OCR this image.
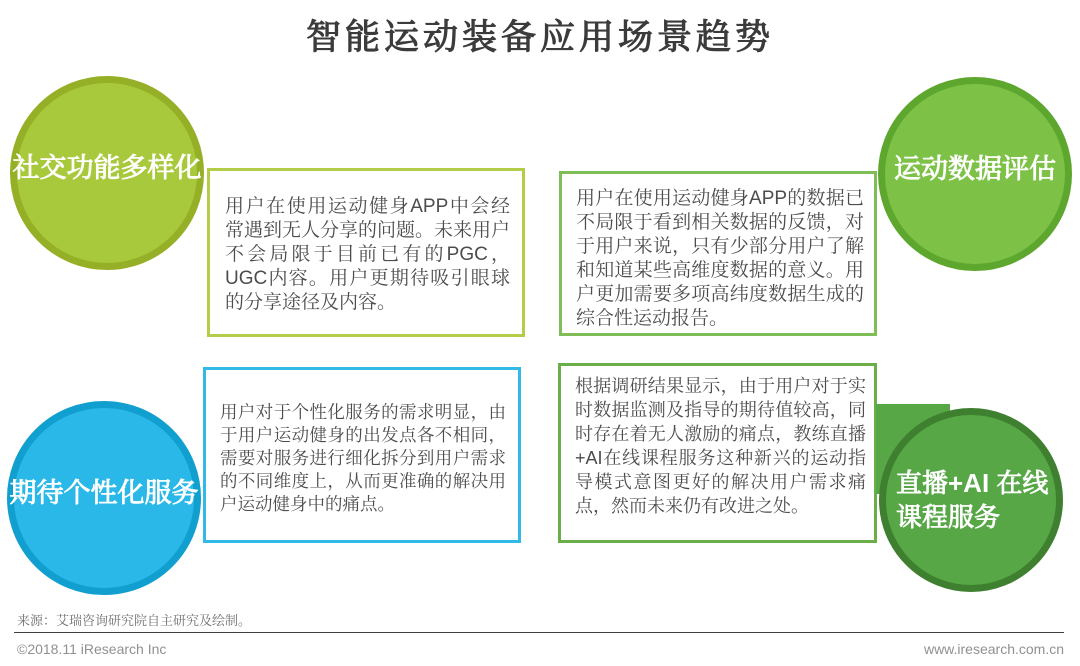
智能运动装备应用场景趋势
用户在使用运动健身APP中会经常遇到无人分享的问题。未来用户不会局限于目前已有的PGC，UGC内容。用户更期待吸引眼球的分享途径及内容。
用户在使用运动健身APP的数据已不局限于看到相关数据的反馈，对于用户来说，只有少部分用户了解和知道某些高维度数据的意义。用户更加需要多项高纬度数据生成的综合性运动报告。
用户对于个性化服务的需求明显，由于用户运动健身的出发点各不相同，需要对服务进行细化拆分到用户需求的不同维度上，从而更准确的解决用户运动健身中的痛点。
根据调研结果显示，由于用户对于实时数据监测及指导的期待值较高，同时存在着无人激励的痛点，教练直播+AI在线课程服务这种新兴的运动指导模式意图更好的解决用户需求痛点，然而未来仍有改进之处。
社交功能多样化	运动数据评估
期待个性化服务	直播+AI 在线
课程服务
来源：艾瑞咨询研究院自主研究及绘制。
©2018.11 iResearch Inc	www.iresearch.com.cn
